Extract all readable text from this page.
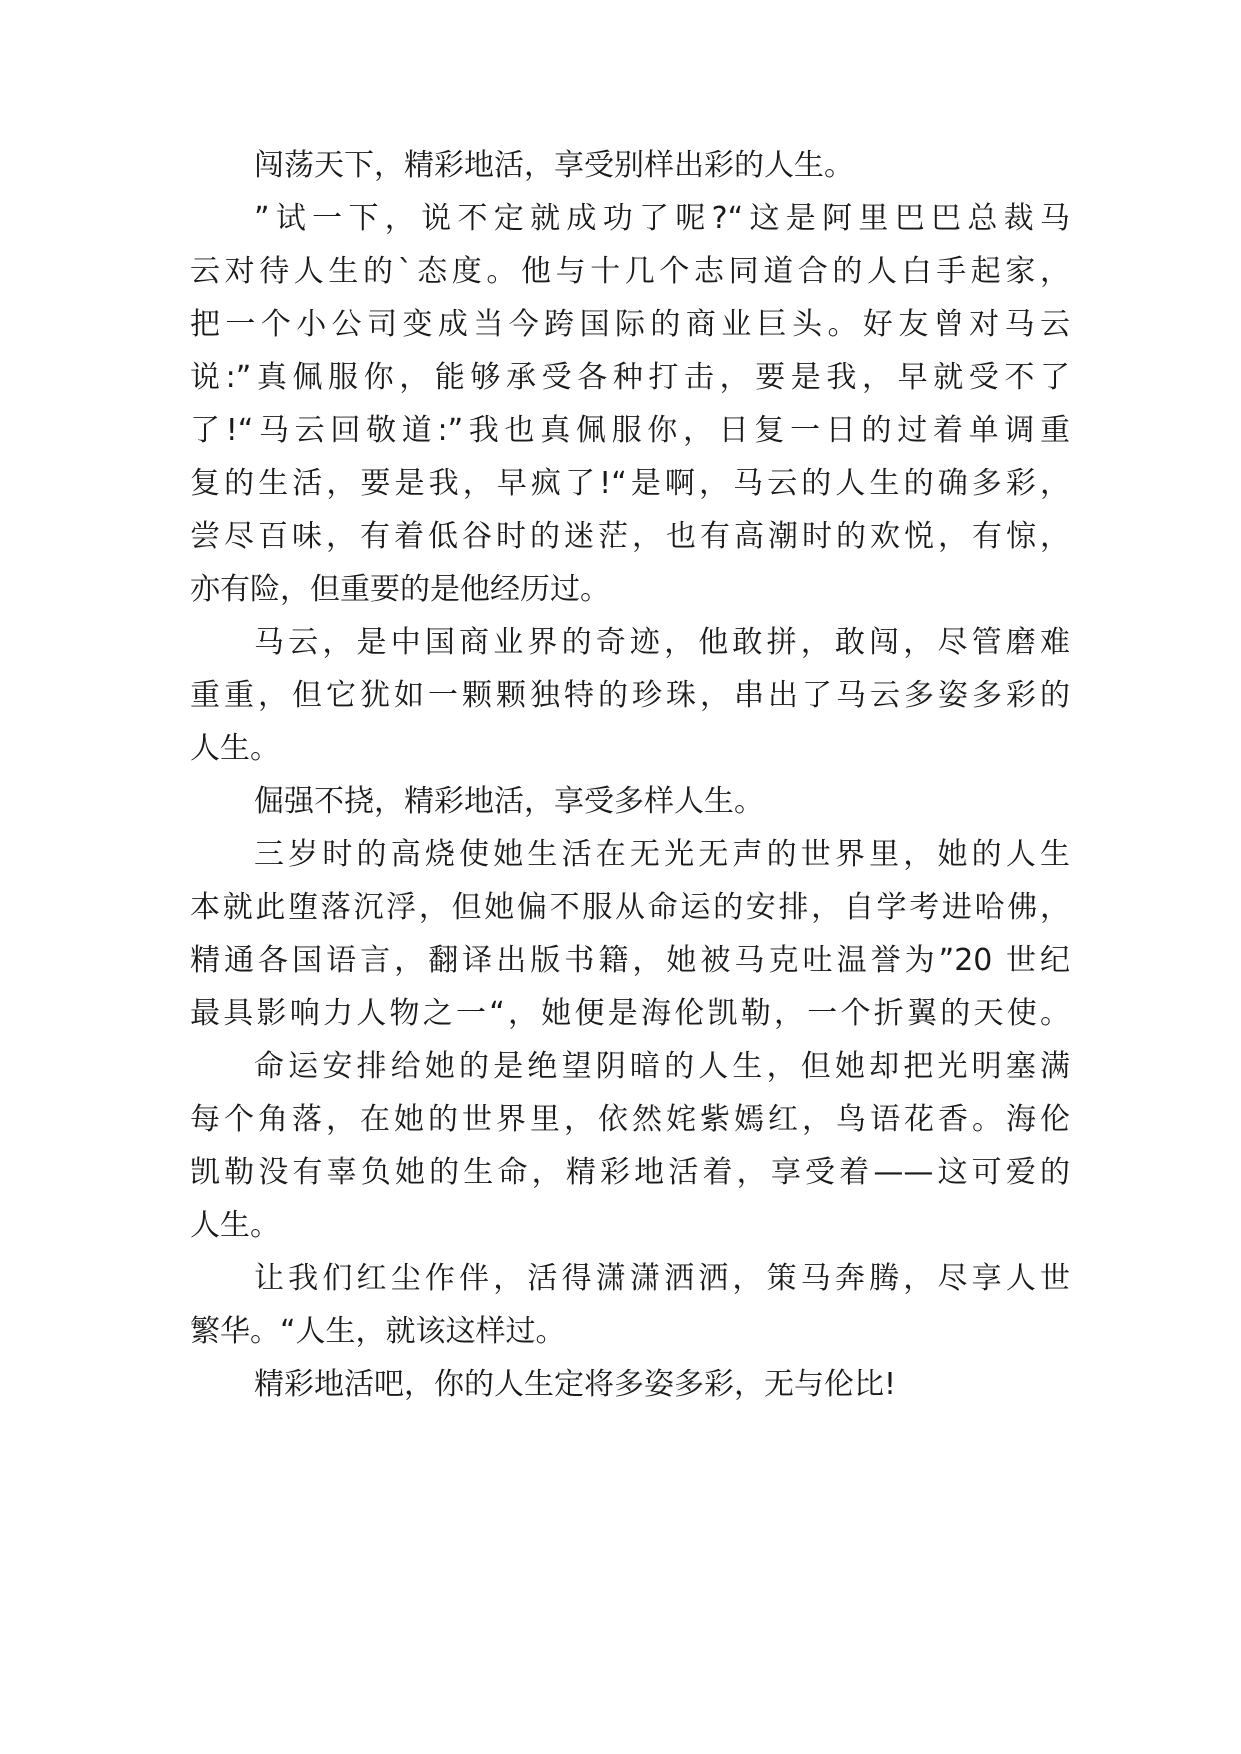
闯荡天下，精彩地活，享受别样出彩的人生。
”试一下，说不定就成功了呢?“这是阿里巴巴总裁马
云对待人生的`态度。他与十几个志同道合的人白手起家，
把一个小公司变成当今跨国际的商业巨头。好友曾对马云
说:”真佩服你，能够承受各种打击，要是我，早就受不了
了!“马云回敬道:”我也真佩服你，日复一日的过着单调重
复的生活，要是我，早疯了!“是啊，马云的人生的确多彩，
尝尽百味，有着低谷时的迷茫，也有高潮时的欢悦，有惊，
亦有险，但重要的是他经历过。
马云，是中国商业界的奇迹，他敢拼，敢闯，尽管磨难
重重，但它犹如一颗颗独特的珍珠，串出了马云多姿多彩的
人生。
倔强不挠，精彩地活，享受多样人生。
三岁时的高烧使她生活在无光无声的世界里，她的人生
本就此堕落沉浮，但她偏不服从命运的安排，自学考进哈佛，
精通各国语言，翻译出版书籍，她被马克吐温誉为”20 世纪
最具影响力人物之一“，她便是海伦凯勒，一个折翼的天使。
命运安排给她的是绝望阴暗的人生，但她却把光明塞满
每个角落，在她的世界里，依然姹紫嫣红，鸟语花香。海伦
凯勒没有辜负她的生命，精彩地活着，享受着——这可爱的
人生。
让我们红尘作伴，活得潇潇洒洒，策马奔腾，尽享人世
繁华。“人生，就该这样过。
精彩地活吧，你的人生定将多姿多彩，无与伦比!
